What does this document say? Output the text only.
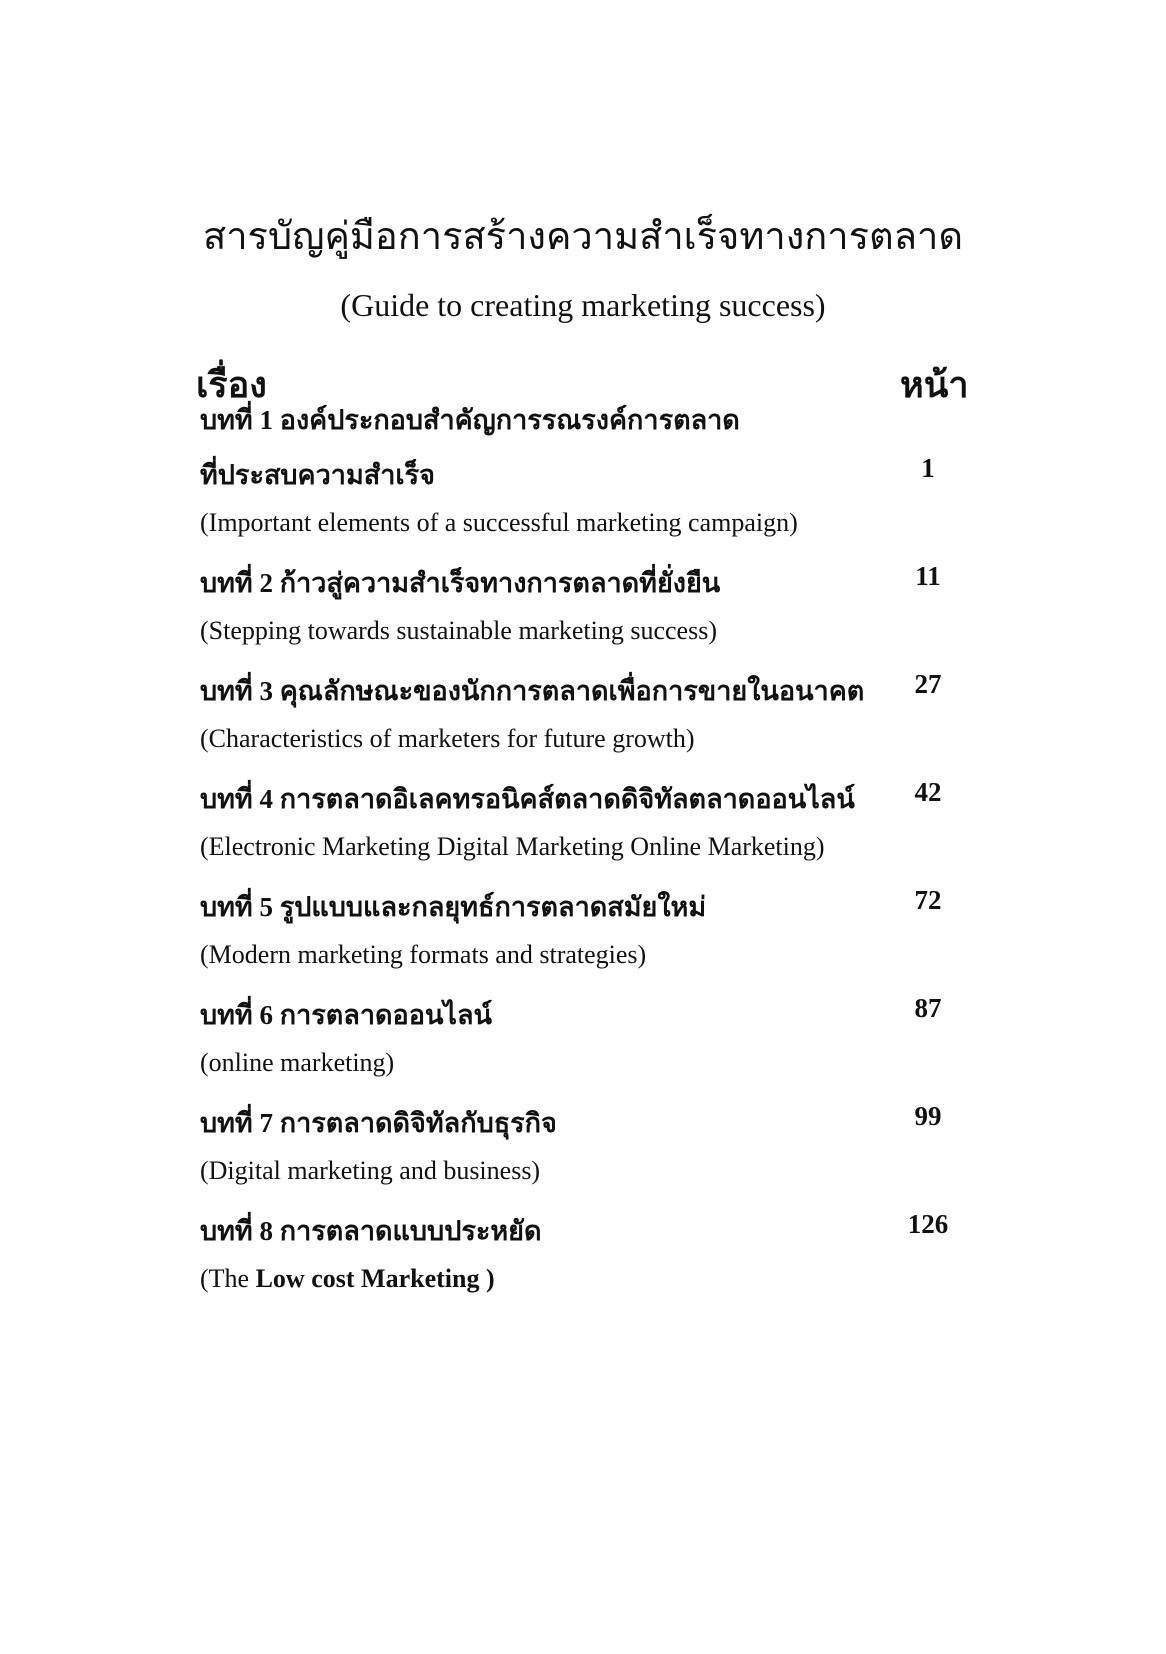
สารบัญคู่มือการสร้างความสำเร็จทางการตลาด
(Guide to creating marketing success)
เรื่อง	หน้า
บทที่ 1 องค์ประกอบสำคัญการรณรงค์การตลาด
ที่ประสบความสำเร็จ	1
(Important elements of a successful marketing campaign)
บทที่ 2 ก้าวสู่ความสำเร็จทางการตลาดที่ยั่งยืน	11
(Stepping towards sustainable marketing success)
บทที่ 3 คุณลักษณะของนักการตลาดเพื่อการขายในอนาคต	27
(Characteristics of marketers for future growth)
บทที่ 4 การตลาดอิเลคทรอนิคส์ตลาดดิจิทัลตลาดออนไลน์	42
(Electronic Marketing Digital Marketing Online Marketing)
บทที่ 5 รูปแบบและกลยุทธ์การตลาดสมัยใหม่	72
(Modern marketing formats and strategies)
บทที่ 6 การตลาดออนไลน์	87
(online marketing)
บทที่ 7 การตลาดดิจิทัลกับธุรกิจ	99
(Digital marketing and business)
บทที่ 8 การตลาดแบบประหยัด	126
(The Low cost Marketing )
